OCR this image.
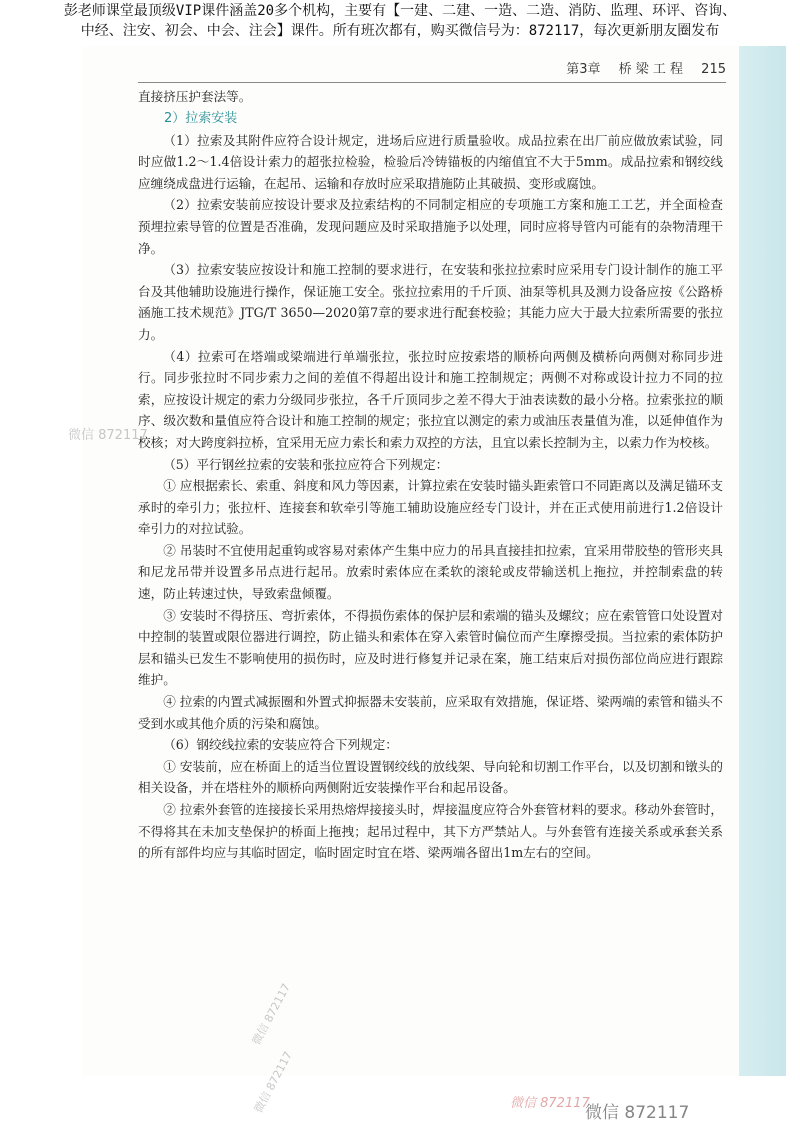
彭老师课堂最顶级VIP课件涵盖20多个机构，主要有【一建、二建、一造、二造、消防、监理、环评、咨询、
中经、注安、初会、中会、注会】课件。所有班次都有，购买微信号为：872117，每次更新朋友圈发布
第3章 桥 梁 工 程 215

直接挤压护套法等。

2）拉索安装

（1）拉索及其附件应符合设计规定，进场后应进行质量验收。成品拉索在出厂前应做放索试验，同时应做1.2～1.4倍设计索力的超张拉检验，检验后冷铸锚板的内缩值宜不大于5mm。成品拉索和钢绞线应缠绕成盘进行运输，在起吊、运输和存放时应采取措施防止其破损、变形或腐蚀。

（2）拉索安装前应按设计要求及拉索结构的不同制定相应的专项施工方案和施工工艺，并全面检查预埋拉索导管的位置是否准确，发现问题应及时采取措施予以处理，同时应将导管内可能有的杂物清理干净。

（3）拉索安装应按设计和施工控制的要求进行，在安装和张拉拉索时应采用专门设计制作的施工平台及其他辅助设施进行操作，保证施工安全。张拉拉索用的千斤顶、油泵等机具及测力设备应按《公路桥涵施工技术规范》JTG/T 3650—2020第7章的要求进行配套校验；其能力应大于最大拉索所需要的张拉力。

（4）拉索可在塔端或梁端进行单端张拉，张拉时应按索塔的顺桥向两侧及横桥向两侧对称同步进行。同步张拉时不同步索力之间的差值不得超出设计和施工控制规定；两侧不对称或设计拉力不同的拉索，应按设计规定的索力分级同步张拉，各千斤顶同步之差不得大于油表读数的最小分格。拉索张拉的顺序、级次数和量值应符合设计和施工控制的规定；张拉宜以测定的索力或油压表量值为准，以延伸值作为校核；对大跨度斜拉桥，宜采用无应力索长和索力双控的方法，且宜以索长控制为主，以索力作为校核。

（5）平行钢丝拉索的安装和张拉应符合下列规定：

① 应根据索长、索重、斜度和风力等因素，计算拉索在安装时锚头距索管口不同距离以及满足锚环支承时的牵引力；张拉杆、连接套和软牵引等施工辅助设施应经专门设计，并在正式使用前进行1.2倍设计牵引力的对拉试验。

② 吊装时不宜使用起重钩或容易对索体产生集中应力的吊具直接挂扣拉索，宜采用带胶垫的管形夹具和尼龙吊带并设置多吊点进行起吊。放索时索体应在柔软的滚轮或皮带输送机上拖拉，并控制索盘的转速，防止转速过快，导致索盘倾覆。

③ 安装时不得挤压、弯折索体，不得损伤索体的保护层和索端的锚头及螺纹；应在索管管口处设置对中控制的装置或限位器进行调控，防止锚头和索体在穿入索管时偏位而产生摩擦受损。当拉索的索体防护层和锚头已发生不影响使用的损伤时，应及时进行修复并记录在案，施工结束后对损伤部位尚应进行跟踪维护。

④ 拉索的内置式减振圈和外置式抑振器未安装前，应采取有效措施，保证塔、梁两端的索管和锚头不受到水或其他介质的污染和腐蚀。

（6）钢绞线拉索的安装应符合下列规定：

① 安装前，应在桥面上的适当位置设置钢绞线的放线架、导向轮和切割工作平台，以及切割和镦头的相关设备，并在塔柱外的顺桥向两侧附近安装操作平台和起吊设备。

② 拉索外套管的连接接长采用热熔焊接接头时，焊接温度应符合外套管材料的要求。移动外套管时，不得将其在未加支垫保护的桥面上拖拽；起吊过程中，其下方严禁站人。与外套管有连接关系或承套关系的所有部件均应与其临时固定，临时固定时宜在塔、梁两端各留出1m左右的空间。

微信 872117
微信 872117
微信 872117	微信 872117
微信 872117
